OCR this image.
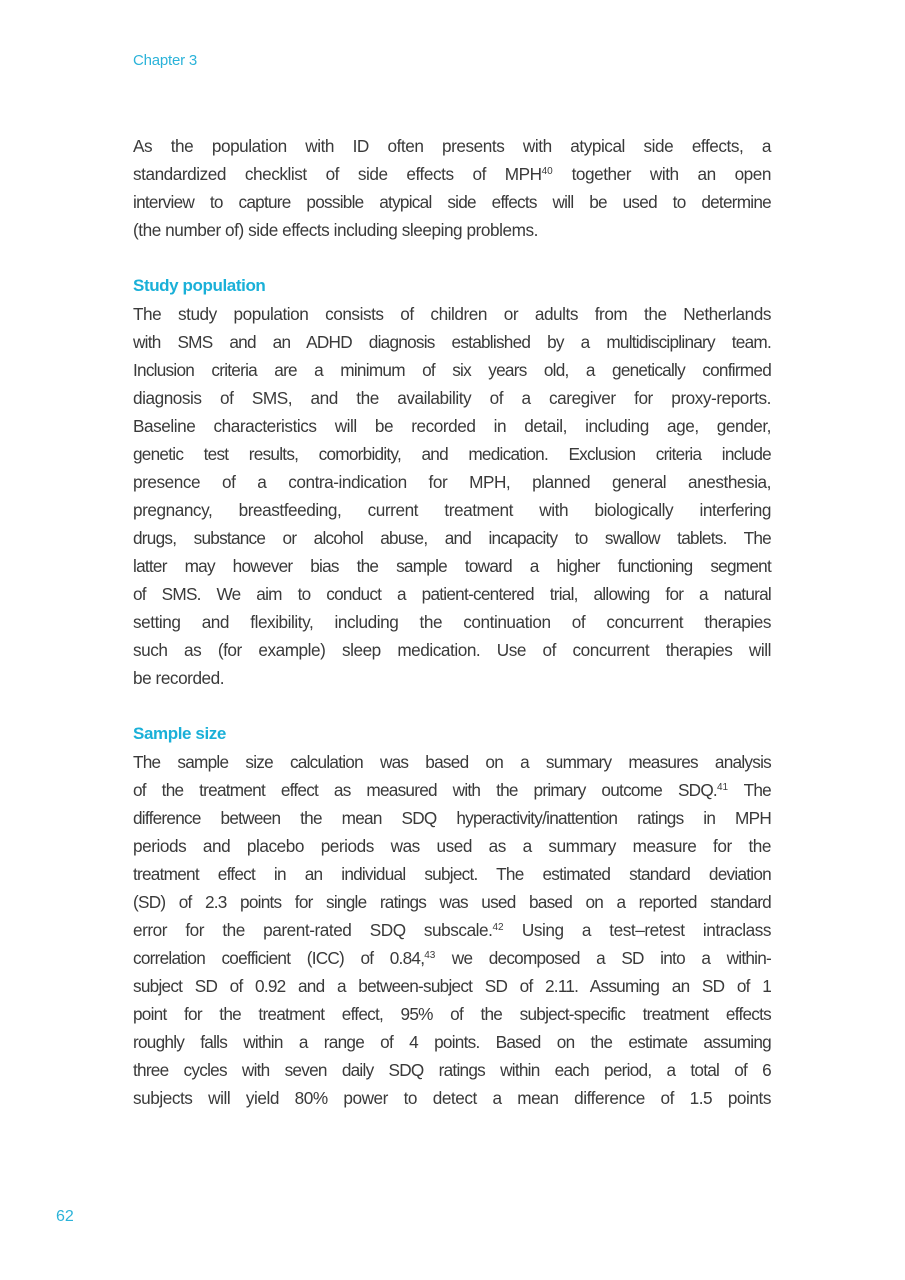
Chapter 3
As the population with ID often presents with atypical side effects, a
standardized checklist of side effects of MPH$^{40}$ together with an open
interview to capture possible atypical side effects will be used to determine
(the number of) side effects including sleeping problems.
Study population
The study population consists of children or adults from the Netherlands
with SMS and an ADHD diagnosis established by a multidisciplinary team.
Inclusion criteria are a minimum of six years old, a genetically confirmed
diagnosis of SMS, and the availability of a caregiver for proxy-reports.
Baseline characteristics will be recorded in detail, including age, gender,
genetic test results, comorbidity, and medication. Exclusion criteria include
presence of a contra-indication for MPH, planned general anesthesia,
pregnancy, breastfeeding, current treatment with biologically interfering
drugs, substance or alcohol abuse, and incapacity to swallow tablets. The
latter may however bias the sample toward a higher functioning segment
of SMS. We aim to conduct a patient-centered trial, allowing for a natural
setting and flexibility, including the continuation of concurrent therapies
such as (for example) sleep medication. Use of concurrent therapies will
be recorded.
Sample size
The sample size calculation was based on a summary measures analysis
of the treatment effect as measured with the primary outcome SDQ.$^{41}$ The
difference between the mean SDQ hyperactivity/inattention ratings in MPH
periods and placebo periods was used as a summary measure for the
treatment effect in an individual subject. The estimated standard deviation
(SD) of 2.3 points for single ratings was used based on a reported standard
error for the parent-rated SDQ subscale.$^{42}$ Using a test–retest intraclass
correlation coefficient (ICC) of 0.84,43 we decomposed a SD into a within-
subject SD of 0.92 and a between-subject SD of 2.11. Assuming an SD of 1
point for the treatment effect, 95% of the subject-specific treatment effects
roughly falls within a range of 4 points. Based on the estimate assuming
three cycles with seven daily SDQ ratings within each period, a total of 6
subjects will yield 80% power to detect a mean difference of 1.5 points
62
